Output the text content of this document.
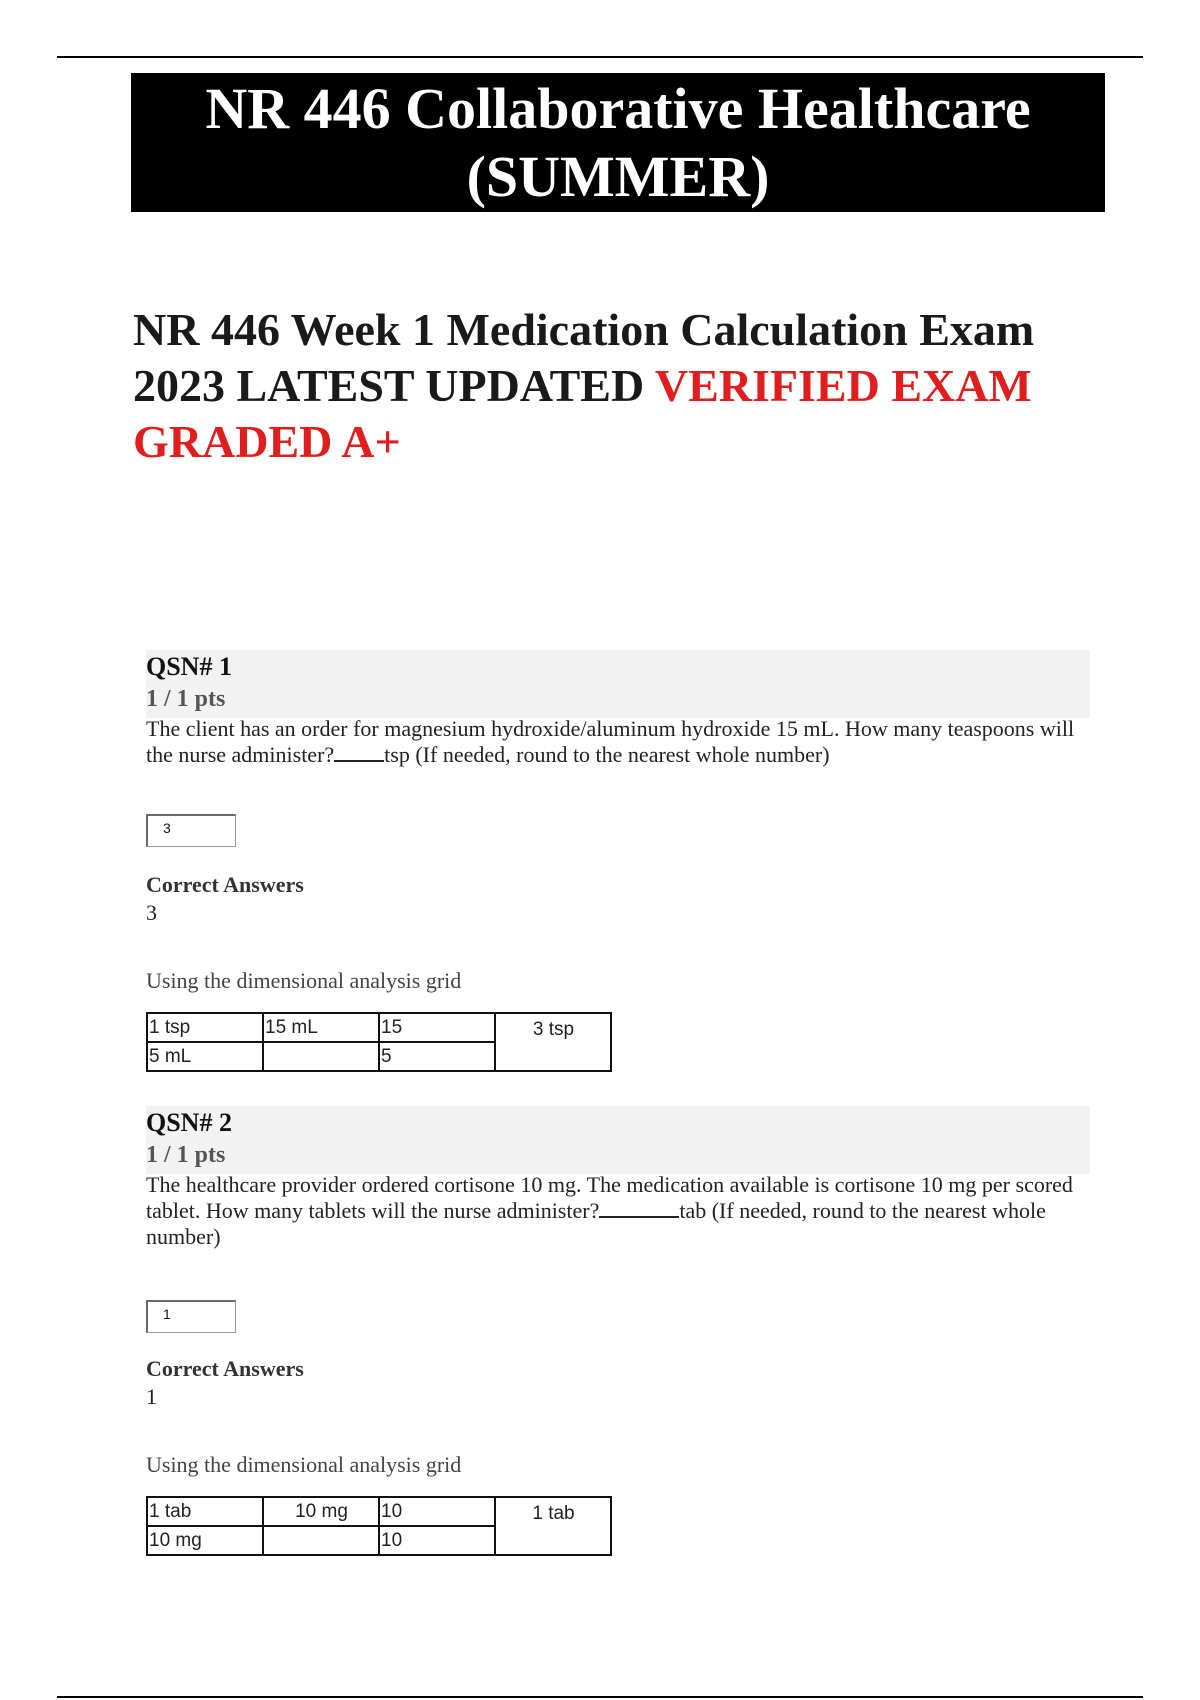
NR 446 Collaborative Healthcare
(SUMMER)
NR 446 Week 1 Medication Calculation Exam 2023 LATEST UPDATED VERIFIED EXAM GRADED A+
QSN# 1
1 / 1 pts
The client has an order for magnesium hydroxide/aluminum hydroxide 15 mL. How many teaspoons will the nurse administer? tsp (If needed, round to the nearest whole number)
3
Correct Answers
3
Using the dimensional analysis grid
1 tsp	15 mL	15	3 tsp
5 mL		5	
QSN# 2
1 / 1 pts
The healthcare provider ordered cortisone 10 mg. The medication available is cortisone 10 mg per scored tablet. How many tablets will the nurse administer?	tab (If needed, round to the nearest whole number)
1
Correct Answers
1
Using the dimensional analysis grid
1 tab	10 mg	10	1 tab
10 mg		10	
